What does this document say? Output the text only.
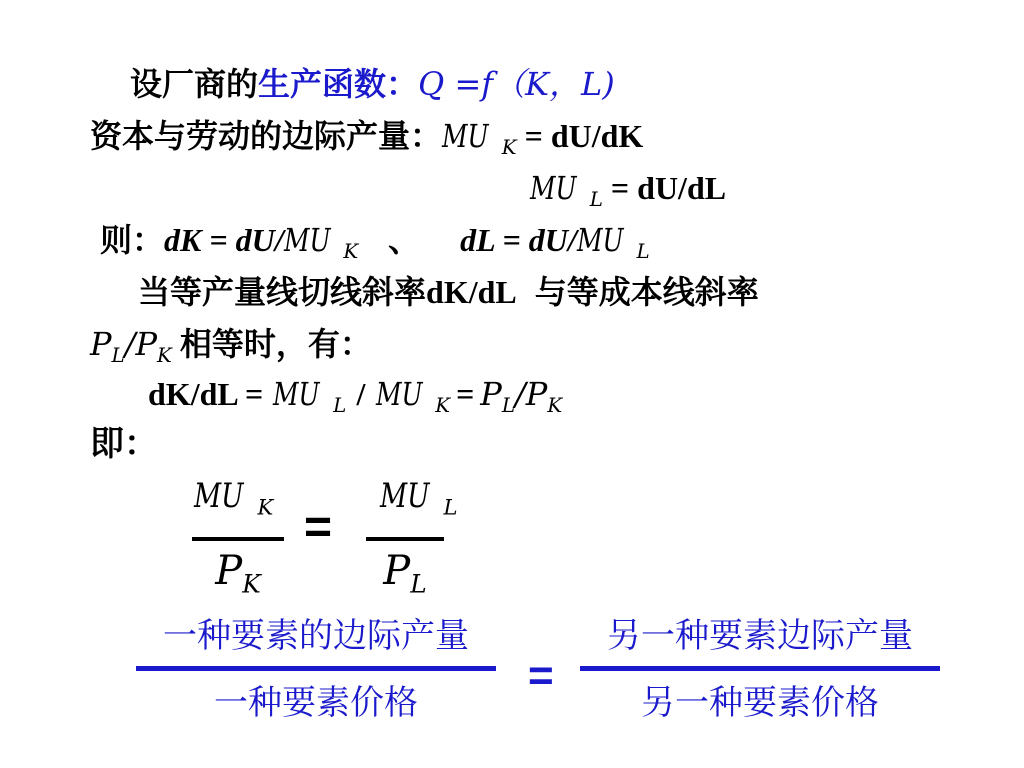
设厂商的生产函数：Q =f（K，L)
资本与劳动的边际产量：MU $_K$ = dU/dK
MU $_L$ = dU/dL
则：dK = dU/MU $_K$ 、 dL = dU/MU $_L$
当等产量线切线斜率dK/dL 与等成本线斜率
$P_L/P_K$ 相等时，有：
dK/dL = MU $_L$ / MU $_K = P_L/P_K$
即：
MU $_K$
$P_K$
=
MU $_L$
$P_L$
一种要素的边际产量
一种要素价格
=
另一种要素边际产量
另一种要素价格
